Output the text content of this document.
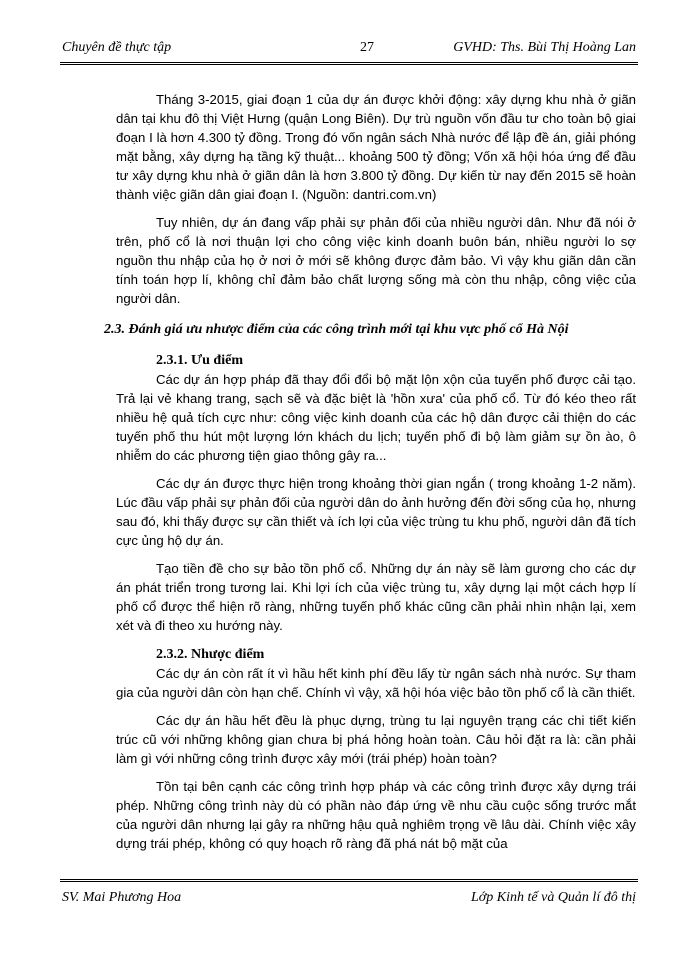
Chuyên đề thực tập	27	GVHD: Ths. Bùi Thị Hoàng Lan

Tháng 3-2015, giai đoạn 1 của dự án được khởi động: xây dựng khu nhà ở giãn dân tại khu đô thị Việt Hưng (quận Long Biên). Dự trù nguồn vốn đầu tư cho toàn bộ giai đoạn I là hơn 4.300 tỷ đồng. Trong đó vốn ngân sách Nhà nước để lập đề án, giải phóng mặt bằng, xây dựng hạ tầng kỹ thuật... khoảng 500 tỷ đồng; Vốn xã hội hóa ứng để đầu tư xây dựng khu nhà ở giãn dân là hơn 3.800 tỷ đồng. Dự kiến từ nay đến 2015 sẽ hoàn thành việc giãn dân giai đoạn I. (Nguồn: dantri.com.vn)

Tuy nhiên, dự án đang vấp phải sự phản đối của nhiều người dân. Như đã nói ở trên, phố cổ là nơi thuận lợi cho công việc kinh doanh buôn bán, nhiều người lo sợ nguồn thu nhập của họ ở nơi ở mới sẽ không được đảm bảo. Vì vậy khu giãn dân cần tính toán hợp lí, không chỉ đảm bảo chất lượng sống mà còn thu nhập, công việc của người dân.

2.3. Đánh giá ưu nhược điểm của các công trình mới tại khu vực phố cổ Hà Nội
2.3.1. Ưu điểm

Các dự án hợp pháp đã thay đổi đổi bộ mặt lộn xộn của tuyến phố được cải tạo. Trả lại vẻ khang trang, sạch sẽ và đặc biệt là 'hồn xưa' của phố cổ. Từ đó kéo theo rất nhiều hệ quả tích cực như: công việc kinh doanh của các hộ dân được cải thiện do các tuyến phố thu hút một lượng lớn khách du lịch; tuyến phố đi bộ làm giảm sự ồn ào, ô nhiễm do các phương tiện giao thông gây ra...

Các dự án được thực hiện trong khoảng thời gian ngắn ( trong khoảng 1-2 năm). Lúc đầu vấp phải sự phản đối của người dân do ảnh hưởng đến đời sống của họ, nhưng sau đó, khi thấy được sự cần thiết và ích lợi của việc trùng tu khu phố, người dân đã tích cực ủng hộ dự án.

Tạo tiền đề cho sự bảo tồn phố cổ. Những dự án này sẽ làm gương cho các dự án phát triển trong tương lai. Khi lợi ích của việc trùng tu, xây dựng lại một cách hợp lí phố cổ được thể hiện rõ ràng, những tuyến phố khác cũng cần phải nhìn nhận lại, xem xét và đi theo xu hướng này.

2.3.2. Nhược điểm

Các dự án còn rất ít vì hầu hết kinh phí đều lấy từ ngân sách nhà nước. Sự tham gia của người dân còn hạn chế. Chính vì vậy, xã hội hóa việc bảo tồn phố cổ là cần thiết.

Các dự án hầu hết đều là phục dựng, trùng tu lại nguyên trạng các chi tiết kiến trúc cũ với những không gian chưa bị phá hỏng hoàn toàn. Câu hỏi đặt ra là: cần phải làm gì với những công trình được xây mới (trái phép) hoàn toàn?

Tồn tại bên cạnh các công trình hợp pháp và các công trình được xây dựng trái phép. Những công trình này dù có phần nào đáp ứng về nhu cầu cuộc sống trước mắt của người dân nhưng lại gây ra những hậu quả nghiêm trọng về lâu dài. Chính việc xây dựng trái phép, không có quy hoạch rõ ràng đã phá nát bộ mặt của

SV. Mai Phương Hoa	Lớp Kinh tế và Quản lí đô thị
